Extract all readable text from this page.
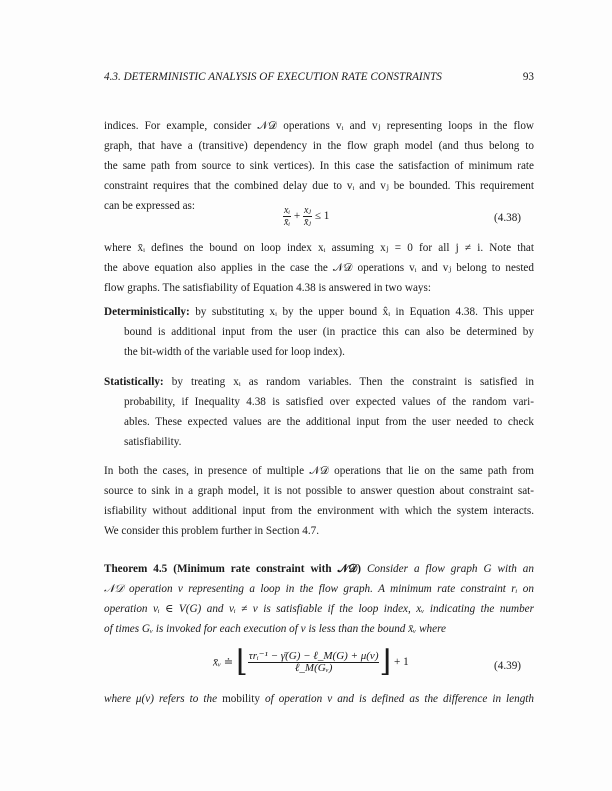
4.3. DETERMINISTIC ANALYSIS OF EXECUTION RATE CONSTRAINTS	93
indices. For example, consider 𝒩𝒟 operations vᵢ and vⱼ representing loops in the flow
graph, that have a (transitive) dependency in the flow graph model (and thus belong to
the same path from source to sink vertices). In this case the satisfaction of minimum rate
constraint requires that the combined delay due to vᵢ and vⱼ be bounded. This requirement
can be expressed as:	$\frac{\text{xᵢ}}{\text{x̄ᵢ}} + \frac{\text{xⱼ}}{\text{x̄ⱼ}} \le 1$	(4.38)
where x̄ᵢ defines the bound on loop index xᵢ assuming xⱼ = 0 for all j ≠ i. Note that
the above equation also applies in the case the 𝒩𝒟 operations vᵢ and vⱼ belong to nested
flow graphs. The satisfiability of Equation 4.38 is answered in two ways:
Deterministically: by substituting xᵢ by the upper bound x̂ᵢ in Equation 4.38. This upper
bound is additional input from the user (in practice this can also be determined by
the bit-width of the variable used for loop index).
Statistically: by treating xᵢ as random variables. Then the constraint is satisfied in
probability, if Inequality 4.38 is satisfied over expected values of the random vari-
ables. These expected values are the additional input from the user needed to check
satisfiability.
In both the cases, in presence of multiple 𝒩𝒟 operations that lie on the same path from
source to sink in a graph model, it is not possible to answer question about constraint sat-
isfiability without additional input from the environment with which the system interacts.
We consider this problem further in Section 4.7.
Theorem 4.5 (Minimum rate constraint with 𝒩𝒟) Consider a flow graph G with an
𝒩𝒟 operation v representing a loop in the flow graph. A minimum rate constraint rᵢ on
operation vᵢ ∈ V(G) and vᵢ ≠ v is satisfiable if the loop index, xᵥ indicating the number
of times Gᵥ is invoked for each execution of v is less than the bound x̄ᵥ where
x̄ᵥ ≐ ⌊ $\frac{\text{τrᵢ⁻¹ − γ̄(G) − ℓ\_M(G) + μ(v)}}{\text{ℓ\_M(Gᵥ)}}$ ⌋ + 1	(4.39)
where μ(v) refers to the mobility of operation v and is defined as the difference in length
